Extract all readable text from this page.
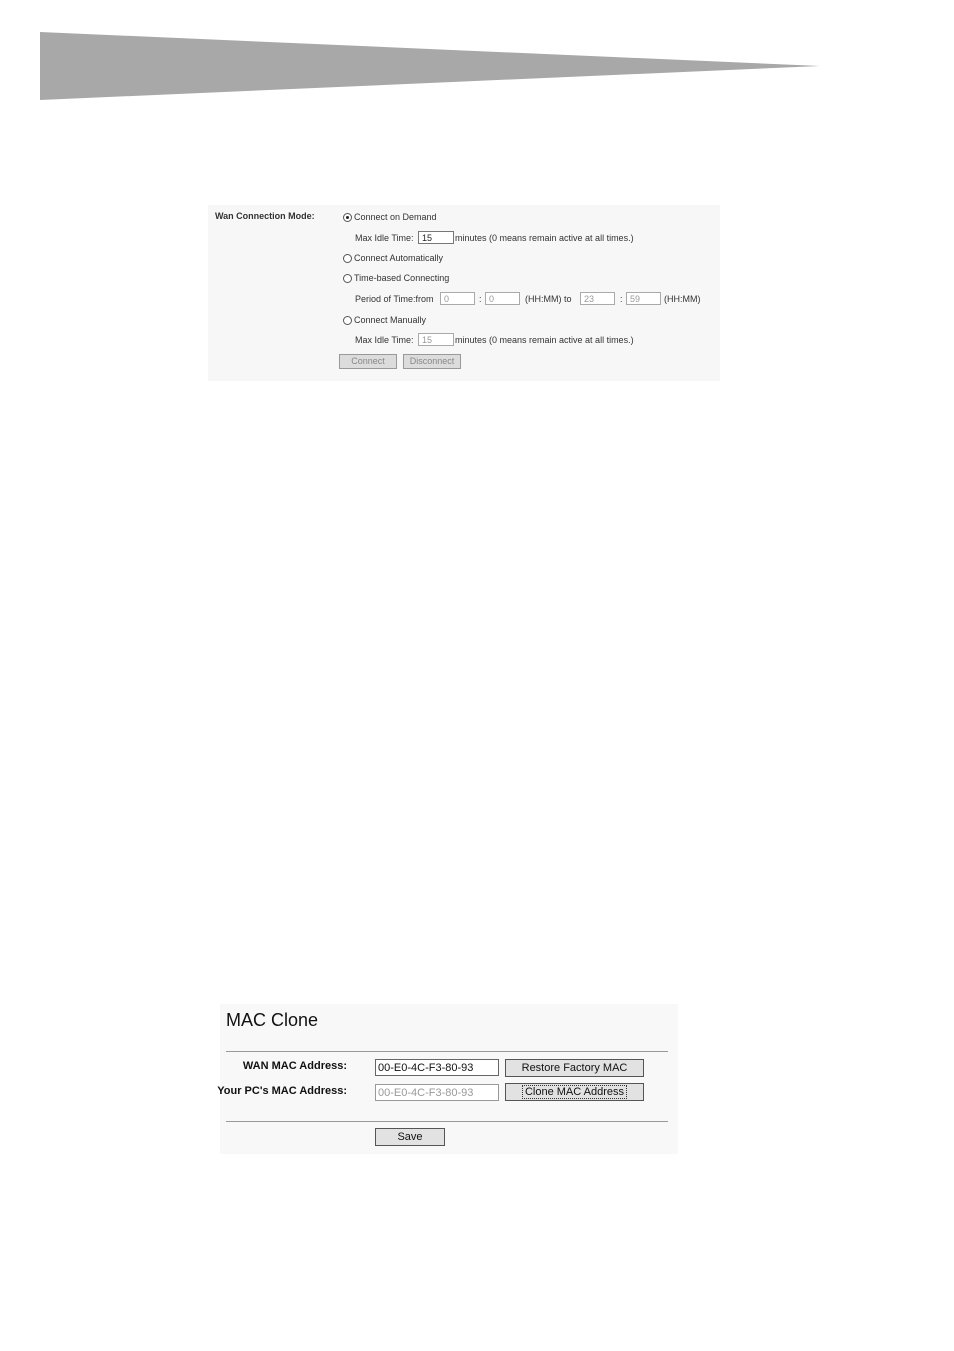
Wan Connection Mode:	Connect on Demand
Max Idle Time:
15	minutes (0 means remain active at all times.)
Connect Automatically
Time-based Connecting
Period of Time:from
0	:
0	(HH:MM) to
23	:
59	(HH:MM)
Connect Manually
Max Idle Time:
15	minutes (0 means remain active at all times.)
Connect	Disconnect
MAC Clone
WAN MAC Address:
00-E0-4C-F3-80-93	Restore Factory MAC
Your PC's MAC Address:
00-E0-4C-F3-80-93	Clone MAC Address
Save
